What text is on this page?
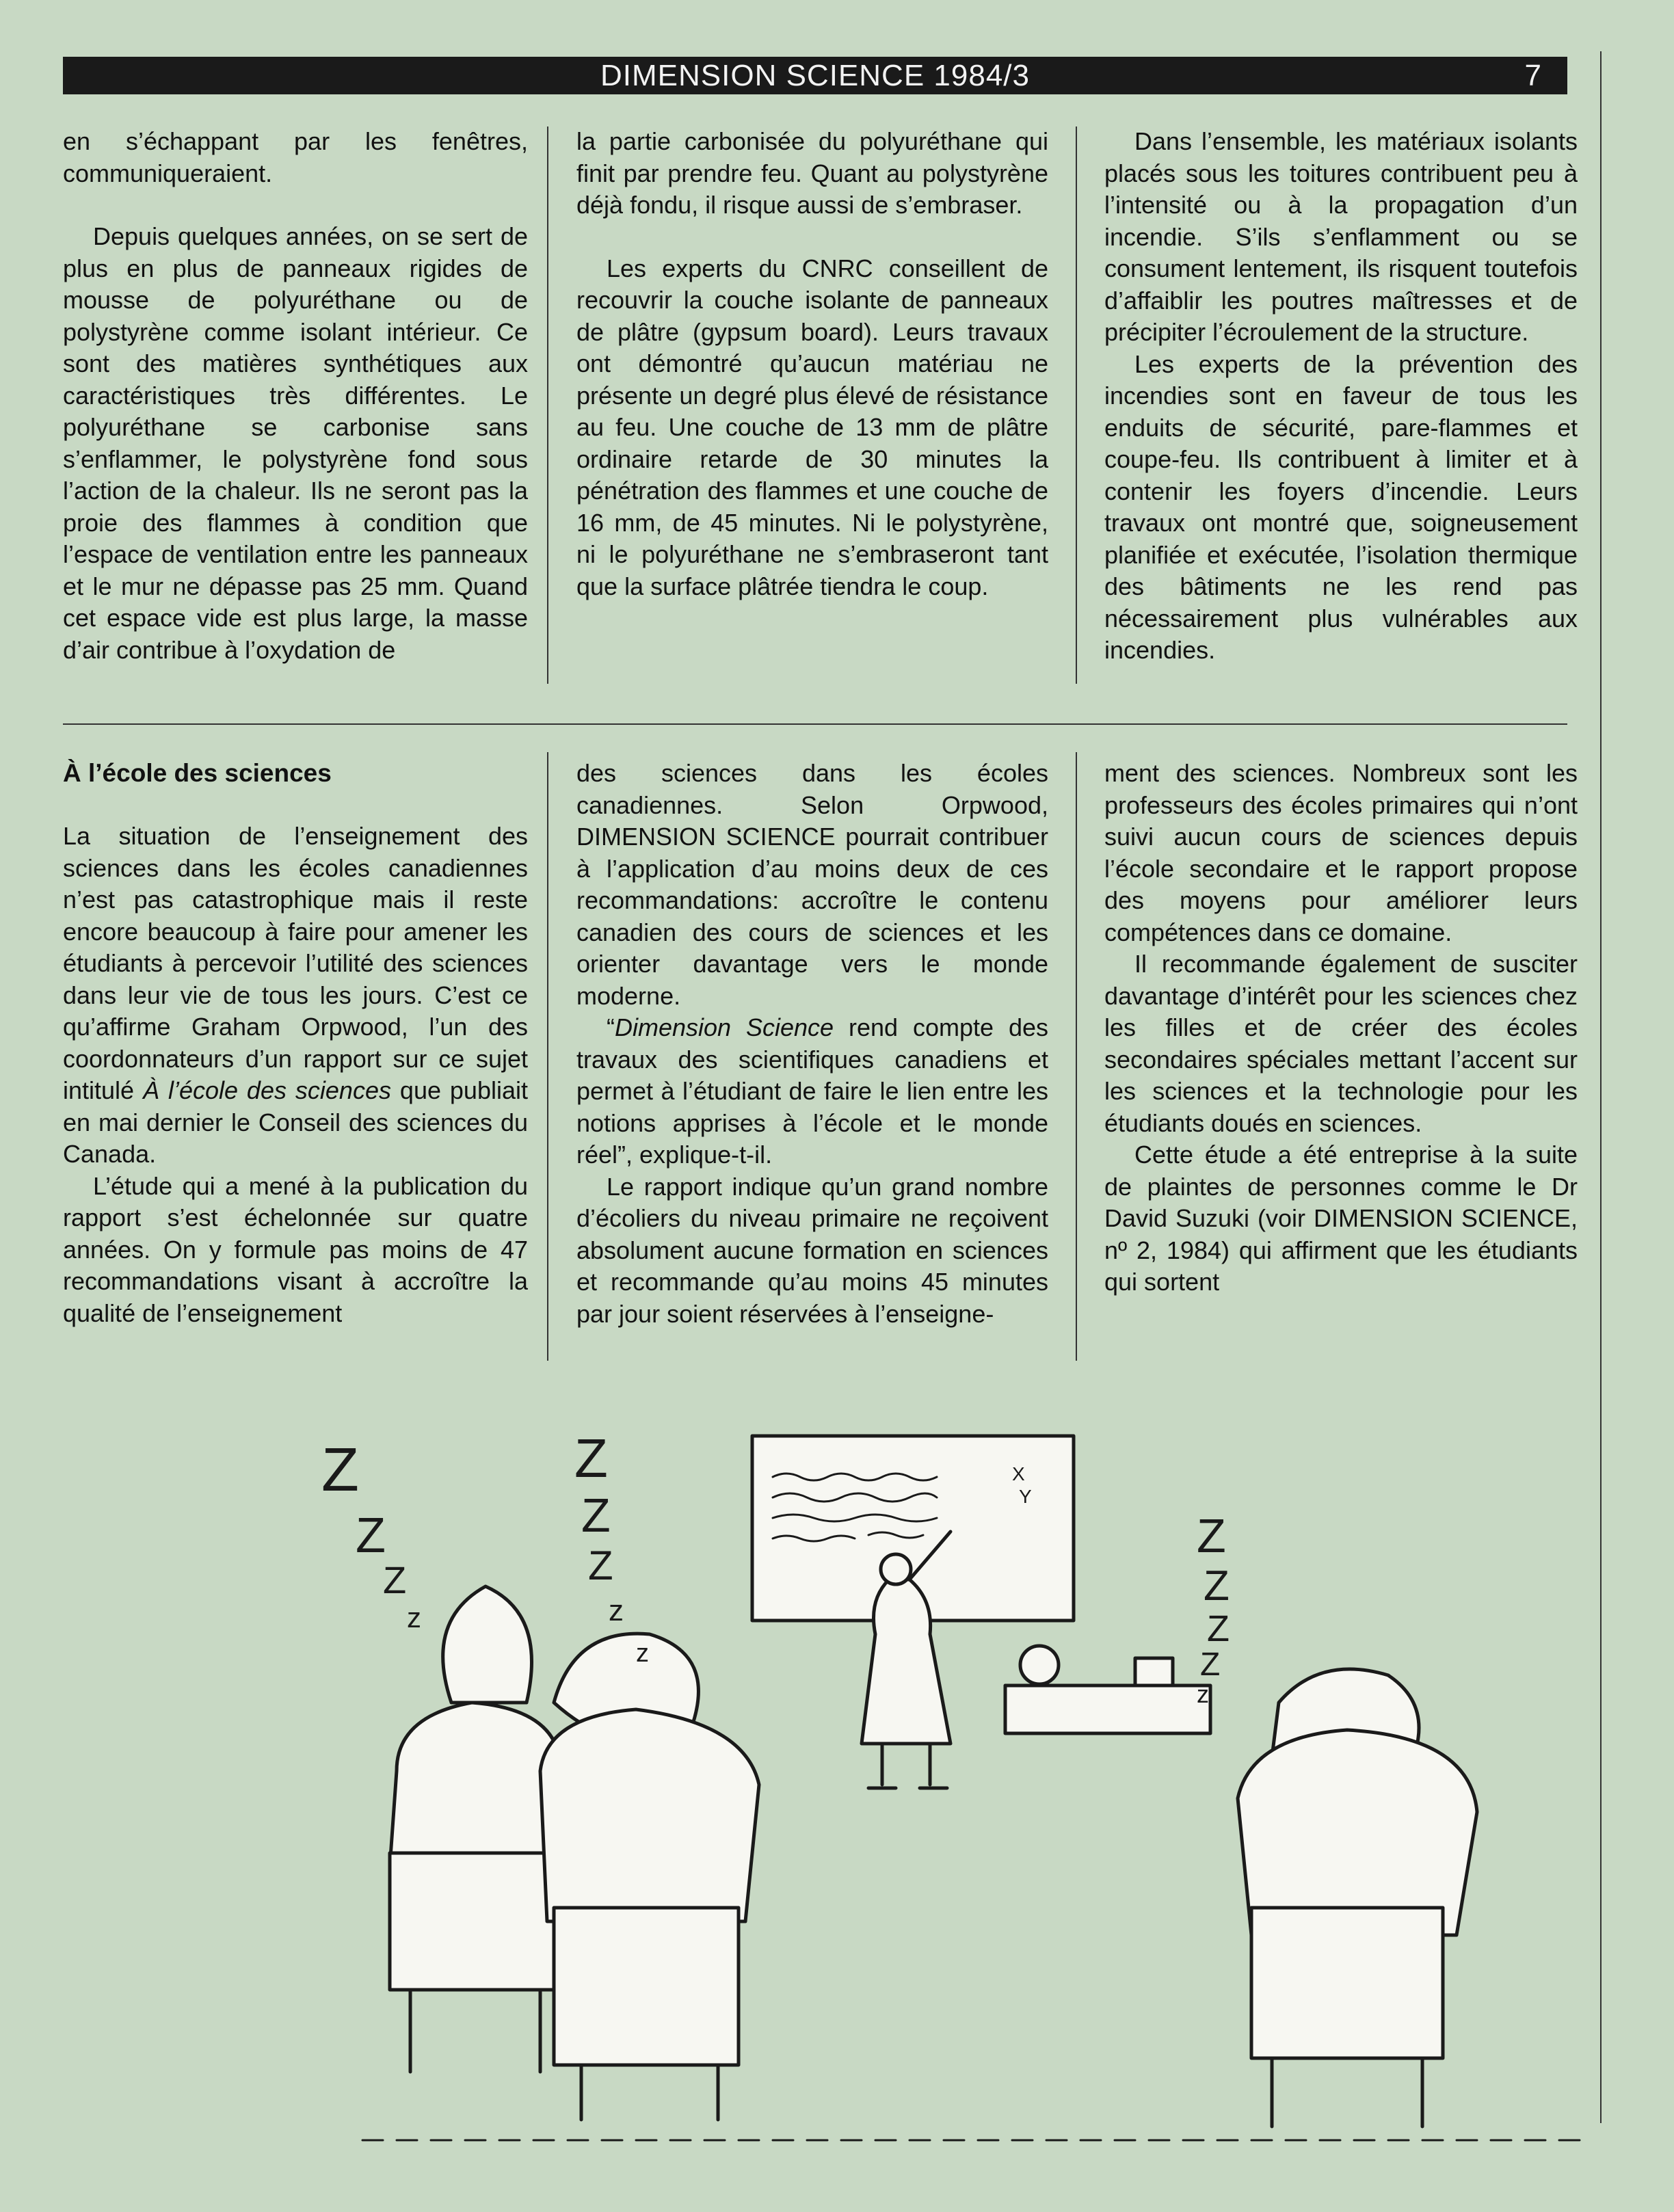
DIMENSION SCIENCE 1984/3	7

en s’échappant par les fenêtres, communiqueraient.

Depuis quelques années, on se sert de plus en plus de panneaux rigides de mousse de polyuréthane ou de polystyrène comme isolant intérieur. Ce sont des matières synthétiques aux caractéristiques très différentes. Le polyuréthane se carbonise sans s’enflammer, le polystyrène fond sous l’action de la chaleur. Ils ne seront pas la proie des flammes à condition que l’espace de ventilation entre les panneaux et le mur ne dépasse pas 25 mm. Quand cet espace vide est plus large, la masse d’air contribue à l’oxydation de

la partie carbonisée du polyuréthane qui finit par prendre feu. Quant au polystyrène déjà fondu, il risque aussi de s’embraser.

Les experts du CNRC conseillent de recouvrir la couche isolante de panneaux de plâtre (gypsum board). Leurs travaux ont démontré qu’aucun matériau ne présente un degré plus élevé de résistance au feu. Une couche de 13 mm de plâtre ordinaire retarde de 30 minutes la pénétration des flammes et une couche de 16 mm, de 45 minutes. Ni le polystyrène, ni le polyuréthane ne s’embraseront tant que la surface plâtrée tiendra le coup.

Dans l’ensemble, les matériaux isolants placés sous les toitures contribuent peu à l’intensité ou à la propagation d’un incendie. S’ils s’enflamment ou se consument lentement, ils risquent toutefois d’affaiblir les poutres maîtresses et de précipiter l’écroulement de la structure.

Les experts de la prévention des incendies sont en faveur de tous les enduits de sécurité, pare-flammes et coupe-feu. Ils contribuent à limiter et à contenir les foyers d’incendie. Leurs travaux ont montré que, soigneusement planifiée et exécutée, l’isolation thermique des bâtiments ne les rend pas nécessairement plus vulnérables aux incendies.

À l’école des sciences

La situation de l’enseignement des sciences dans les écoles canadiennes n’est pas catastrophique mais il reste encore beaucoup à faire pour amener les étudiants à percevoir l’utilité des sciences dans leur vie de tous les jours. C’est ce qu’affirme Graham Orpwood, l’un des coordonnateurs d’un rapport sur ce sujet intitulé À l’école des sciences que publiait en mai dernier le Conseil des sciences du Canada.

L’étude qui a mené à la publication du rapport s’est échelonnée sur quatre années. On y formule pas moins de 47 recommandations visant à accroître la qualité de l’enseignement

des sciences dans les écoles canadiennes. Selon Orpwood, DIMENSION SCIENCE pourrait contribuer à l’application d’au moins deux de ces recommandations: accroître le contenu canadien des cours de sciences et les orienter davantage vers le monde moderne.

“Dimension Science rend compte des travaux des scientifiques canadiens et permet à l’étudiant de faire le lien entre les notions apprises à l’école et le monde réel”, explique-t-il.

Le rapport indique qu’un grand nombre d’écoliers du niveau primaire ne reçoivent absolument aucune formation en sciences et recommande qu’au moins 45 minutes par jour soient réservées à l’enseigne-

ment des sciences. Nombreux sont les professeurs des écoles primaires qui n’ont suivi aucun cours de sciences depuis l’école secondaire et le rapport propose des moyens pour améliorer leurs compétences dans ce domaine.

Il recommande également de susciter davantage d’intérêt pour les sciences chez les filles et de créer des écoles secondaires spéciales mettant l’accent sur les sciences et la technologie pour les étudiants doués en sciences.

Cette étude a été entreprise à la suite de plaintes de personnes comme le Dr David Suzuki (voir DIMENSION SCIENCE, nº 2, 1984) qui affirment que les étudiants qui sortent

X
Y
Z
Z
Z
z
Z
Z
Z
z
z
Z
Z
Z
Z
z
